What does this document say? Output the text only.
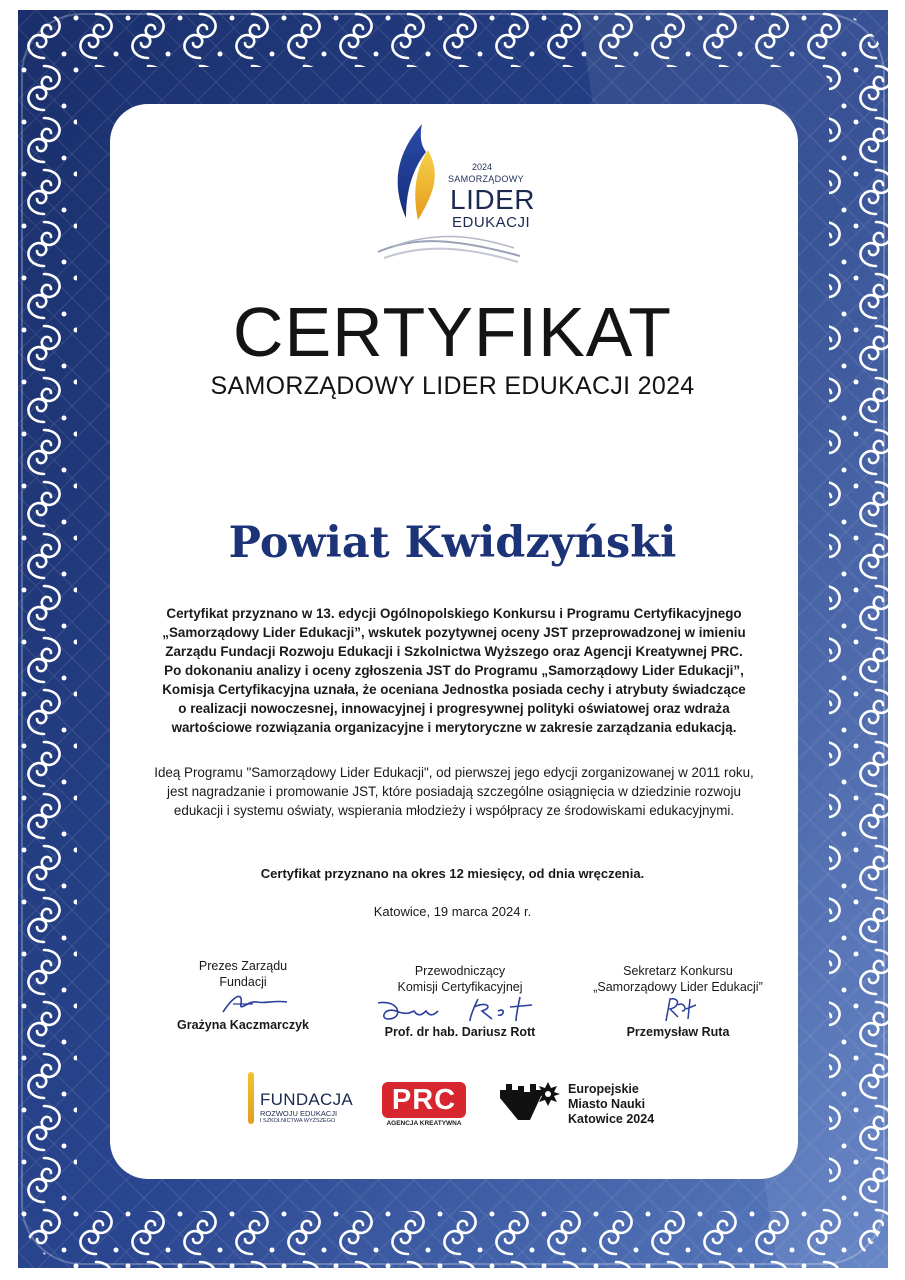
2024
SAMORZĄDOWY
LIDER
EDUKACJI
CERTYFIKAT
SAMORZĄDOWY LIDER EDUKACJI 2024
Powiat Kwidzyński
Certyfikat przyznano w 13. edycji Ogólnopolskiego Konkursu i Programu Certyfikacyjnego
„Samorządowy Lider Edukacji”, wskutek pozytywnej oceny JST przeprowadzonej w imieniu
Zarządu Fundacji Rozwoju Edukacji i Szkolnictwa Wyższego oraz Agencji Kreatywnej PRC.
Po dokonaniu analizy i oceny zgłoszenia JST do Programu „Samorządowy Lider Edukacji”,
Komisja Certyfikacyjna uznała, że oceniana Jednostka posiada cechy i atrybuty świadczące
o realizacji nowoczesnej, innowacyjnej i progresywnej polityki oświatowej oraz wdraża
wartościowe rozwiązania organizacyjne i merytoryczne w zakresie zarządzania edukacją.
Ideą Programu "Samorządowy Lider Edukacji", od pierwszej jego edycji zorganizowanej w 2011 roku,
jest nagradzanie i promowanie JST, które posiadają szczególne osiągnięcia w dziedzinie rozwoju
edukacji i systemu oświaty, wspierania młodzieży i współpracy ze środowiskami edukacyjnymi.
Certyfikat przyznano na okres 12 miesięcy, od dnia wręczenia.
Katowice, 19 marca 2024 r.
Prezes Zarządu
Fundacji
Grażyna Kaczmarczyk
Przewodniczący
Komisji Certyfikacyjnej
Prof. dr hab. Dariusz Rott
Sekretarz Konkursu
„Samorządowy Lider Edukacji”
Przemysław Ruta
FUNDACJA
ROZWOJU EDUKACJI
I SZKOLNICTWA WYŻSZEGO
PRC
AGENCJA KREATYWNA
Europejskie
Miasto Nauki
Katowice 2024
